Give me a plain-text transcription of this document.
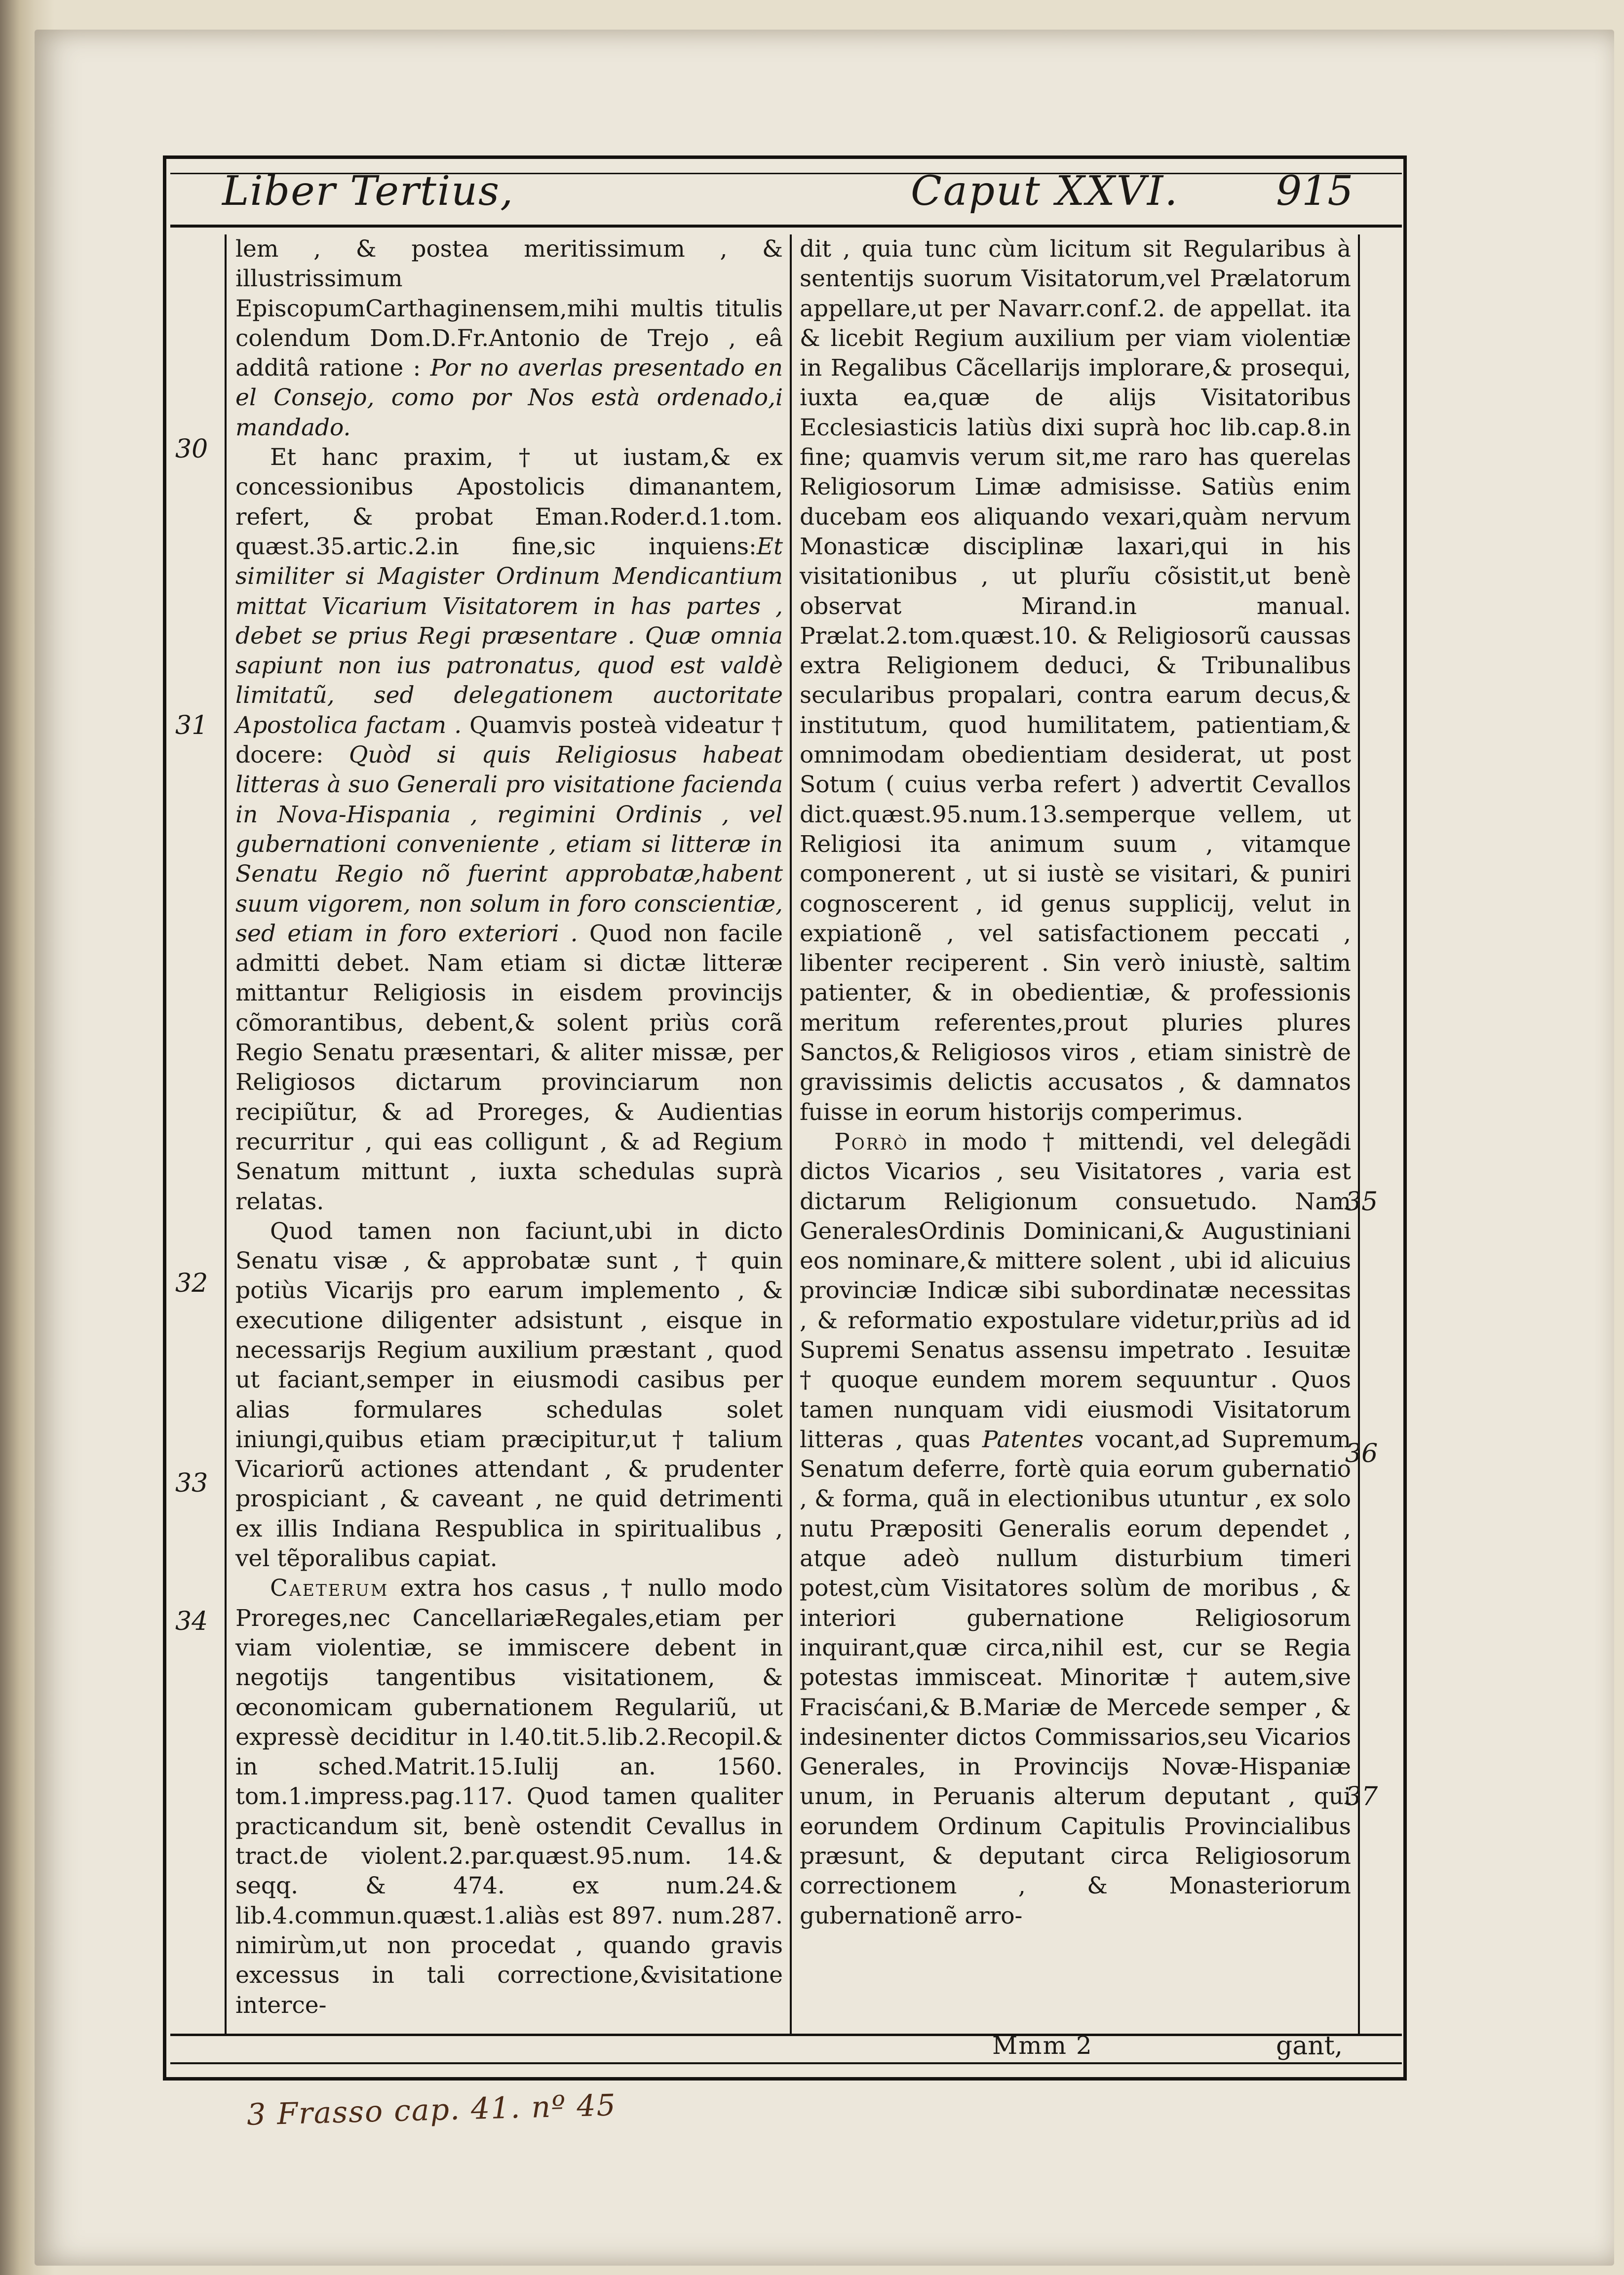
Liber Tertius,	Caput XXVI. 915

lem , & postea meritissimum , & illustrissimum EpiscopumCarthaginensem,mihi multis titulis colendum Dom.D.Fr.Antonio de Trejo , eâ additâ ratione : Por no averlas presentado en el Consejo, como por Nos està ordenado,i mandado.

Et hanc praxim, † ut iustam,& ex concessionibus Apostolicis dimanantem, refert, & probat Eman.Roder.d.1.tom. quæst.35.artic.2.in fine,sic inquiens:Et similiter si Magister Ordinum Mendicantium mittat Vicarium Visitatorem in has partes , debet se prius Regi præsentare . Quæ omnia sapiunt non ius patronatus, quod est valdè limitatũ, sed delegationem auctoritate Apostolica factam . Quamvis posteà videatur † docere: Quòd si quis Religiosus habeat litteras à suo Generali pro visitatione facienda in Nova-Hispania , regimini Ordinis , vel gubernationi conveniente , etiam si litteræ in Senatu Regio nõ fuerint approbatæ,habent suum vigorem, non solum in foro conscientiæ, sed etiam in foro exteriori . Quod non facile admitti debet. Nam etiam si dictæ litteræ mittantur Religiosis in eisdem provincijs cõmorantibus, debent,& solent priùs corã Regio Senatu præsentari, & aliter missæ, per Religiosos dictarum provinciarum non recipiũtur, & ad Proreges, & Audientias recurritur , qui eas colligunt , & ad Regium Senatum mittunt , iuxta schedulas suprà relatas.

Quod tamen non faciunt,ubi in dicto Senatu visæ , & approbatæ sunt , † quin potiùs Vicarijs pro earum implemento , & executione diligenter adsistunt , eisque in necessarijs Regium auxilium præstant , quod ut faciant,semper in eiusmodi casibus per alias formulares schedulas solet iniungi,quibus etiam præcipitur,ut † talium Vicariorũ actiones attendant , & prudenter prospiciant , & caveant , ne quid detrimenti ex illis Indiana Respublica in spiritualibus , vel tẽporalibus capiat.

Caeterum extra hos casus , † nullo modo Proreges,nec CancellariæRegales,etiam per viam violentiæ, se immiscere debent in negotijs tangentibus visitationem, & œconomicam gubernationem Regulariũ, ut expressè deciditur in l.40.tit.5.lib.2.Recopil.& in sched.Matrit.15.Iulij an. 1560. tom.1.impress.pag.117. Quod tamen qualiter practicandum sit, benè ostendit Cevallus in tract.de violent.2.par.quæst.95.num. 14.& seqq. & 474. ex num.24.& lib.4.commun.quæst.1.aliàs est 897. num.287. nimirùm,ut non procedat , quando gravis excessus in tali correctione,&visitatione interce-

dit , quia tunc cùm licitum sit Regularibus à sententijs suorum Visitatorum,vel Prælatorum appellare,ut per Navarr.conf.2. de appellat. ita & licebit Regium auxilium per viam violentiæ in Regalibus Cãcellarijs implorare,& prosequi, iuxta ea,quæ de alijs Visitatoribus Ecclesiasticis latiùs dixi suprà hoc lib.cap.8.in fine; quamvis verum sit,me raro has querelas Religiosorum Limæ admisisse. Satiùs enim ducebam eos aliquando vexari,quàm nervum Monasticæ disciplinæ laxari,qui in his visitationibus , ut plurĩu cõsistit,ut benè observat Mirand.in manual. Prælat.2.tom.quæst.10. & Religiosorũ caussas extra Religionem deduci, & Tribunalibus secularibus propalari, contra earum decus,& institutum, quod humilitatem, patientiam,& omnimodam obedientiam desiderat, ut post Sotum ( cuius verba refert ) advertit Cevallos dict.quæst.95.num.13.semperque vellem, ut Religiosi ita animum suum , vitamque componerent , ut si iustè se visitari, & puniri cognoscerent , id genus supplicij, velut in expiationẽ , vel satisfactionem peccati , libenter reciperent . Sin verò iniustè, saltim patienter, & in obedientiæ, & professionis meritum referentes,prout pluries plures Sanctos,& Religiosos viros , etiam sinistrè de gravissimis delictis accusatos , & damnatos fuisse in eorum historijs comperimus.

Porrò in modo † mittendi, vel delegãdi dictos Vicarios , seu Visitatores , varia est dictarum Religionum consuetudo. Nam GeneralesOrdinis Dominicani,& Augustiniani eos nominare,& mittere solent , ubi id alicuius provinciæ Indicæ sibi subordinatæ necessitas , & reformatio expostulare videtur,priùs ad id Supremi Senatus assensu impetrato . Iesuitæ † quoque eundem morem sequuntur . Quos tamen nunquam vidi eiusmodi Visitatorum litteras , quas Patentes vocant,ad Supremum Senatum deferre, fortè quia eorum gubernatio , & forma, quã in electionibus utuntur , ex solo nutu Præpositi Generalis eorum dependet , atque adeò nullum disturbium timeri potest,cùm Visitatores solùm de moribus , & interiori gubernatione Religiosorum inquirant,quæ circa,nihil est, cur se Regia potestas immisceat. Minoritæ † autem,sive Fracisćani,& B.Mariæ de Mercede semper , & indesinenter dictos Commissarios,seu Vicarios Generales, in Provincijs Novæ-Hispaniæ unum, in Peruanis alterum deputant , qui eorundem Ordinum Capitulis Provincialibus præsunt, & deputant circa Religiosorum correctionem , & Monasteriorum gubernationẽ arro-

30
31
32
33
34
35
36
37
Mmm 2	gant,
3 Frasso cap. 41. nº 45
